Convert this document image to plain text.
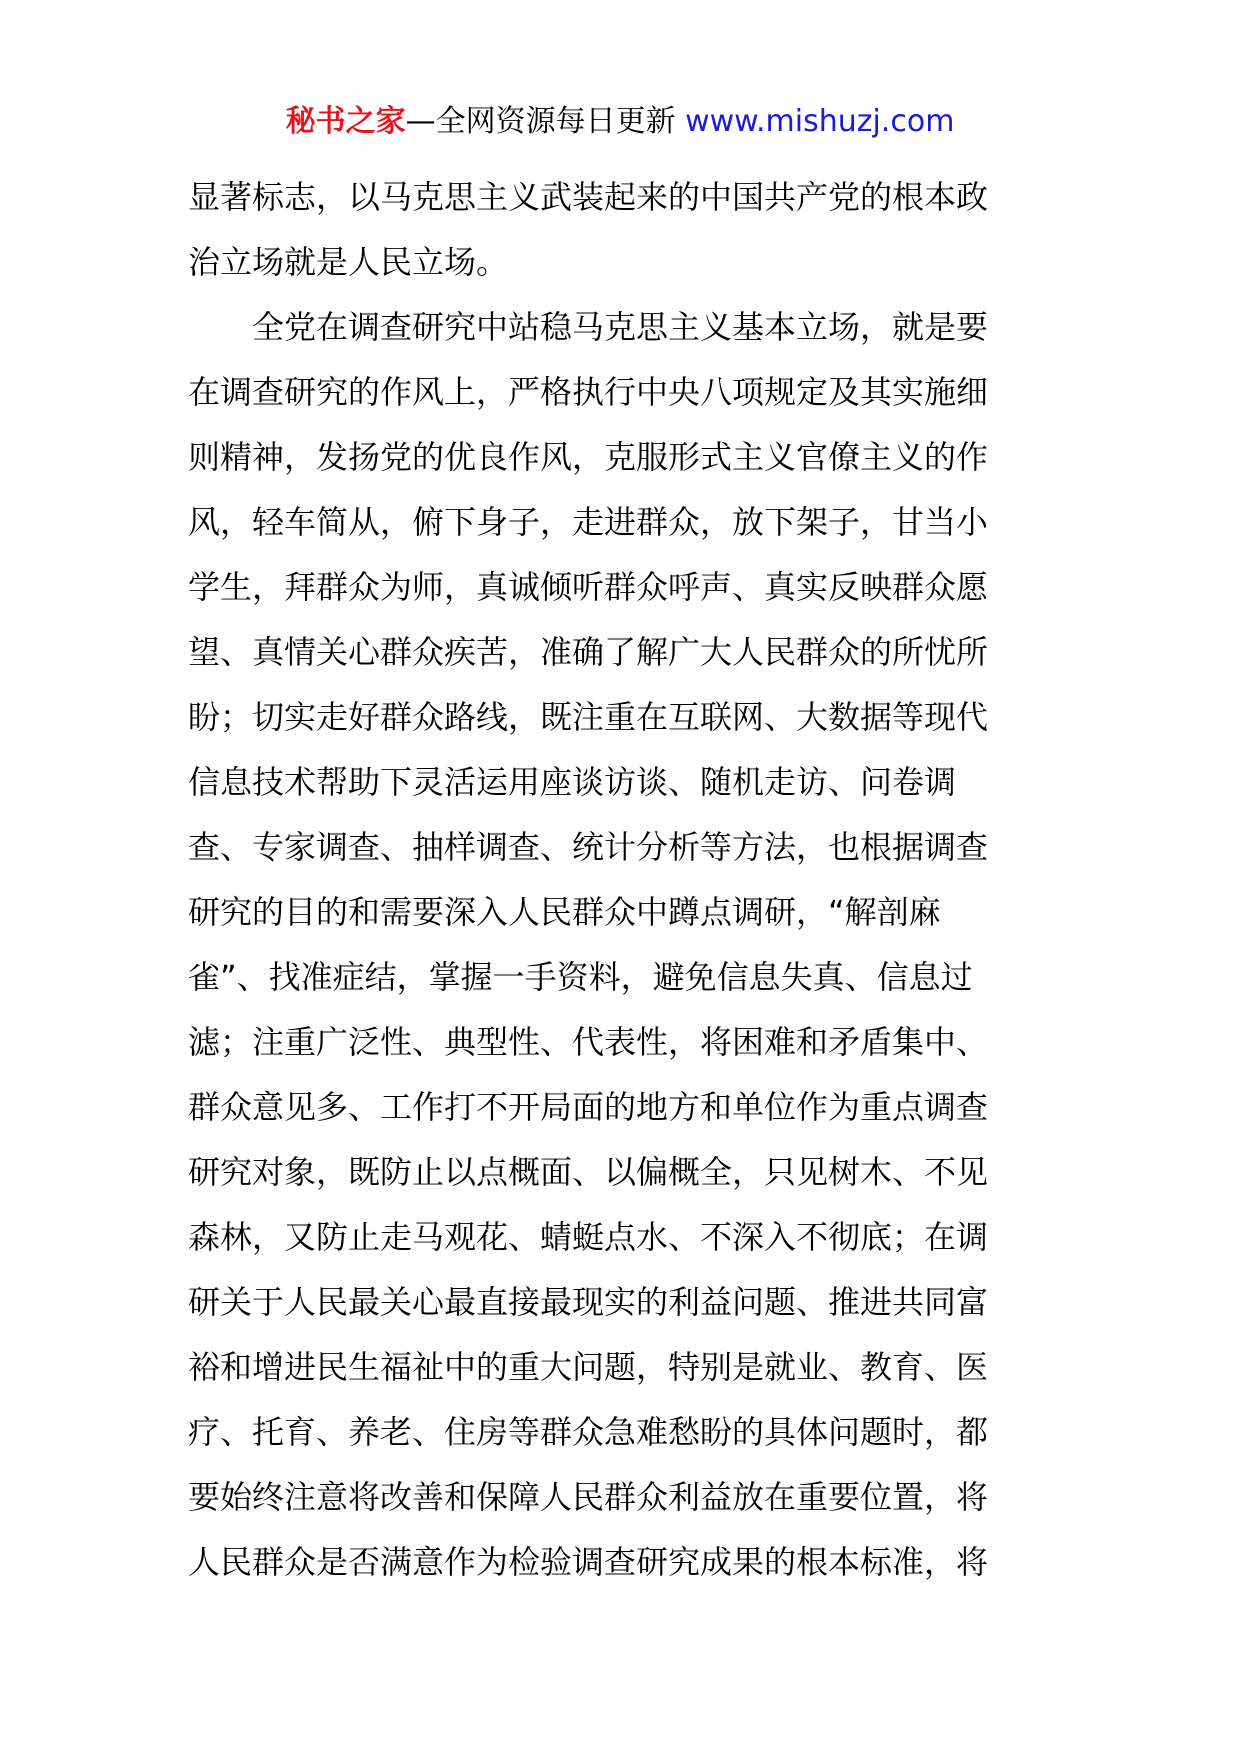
秘书之家—全网资源每日更新 www.mishuzj.com
显著标志，以马克思主义武装起来的中国共产党的根本政
治立场就是人民立场。
　　全党在调查研究中站稳马克思主义基本立场，就是要
在调查研究的作风上，严格执行中央八项规定及其实施细
则精神，发扬党的优良作风，克服形式主义官僚主义的作
风，轻车简从，俯下身子，走进群众，放下架子，甘当小
学生，拜群众为师，真诚倾听群众呼声、真实反映群众愿
望、真情关心群众疾苦，准确了解广大人民群众的所忧所
盼；切实走好群众路线，既注重在互联网、大数据等现代
信息技术帮助下灵活运用座谈访谈、随机走访、问卷调
查、专家调查、抽样调查、统计分析等方法，也根据调查
研究的目的和需要深入人民群众中蹲点调研，“解剖麻
雀”、找准症结，掌握一手资料，避免信息失真、信息过
滤；注重广泛性、典型性、代表性，将困难和矛盾集中、
群众意见多、工作打不开局面的地方和单位作为重点调查
研究对象，既防止以点概面、以偏概全，只见树木、不见
森林，又防止走马观花、蜻蜓点水、不深入不彻底；在调
研关于人民最关心最直接最现实的利益问题、推进共同富
裕和增进民生福祉中的重大问题，特别是就业、教育、医
疗、托育、养老、住房等群众急难愁盼的具体问题时，都
要始终注意将改善和保障人民群众利益放在重要位置，将
人民群众是否满意作为检验调查研究成果的根本标准，将
